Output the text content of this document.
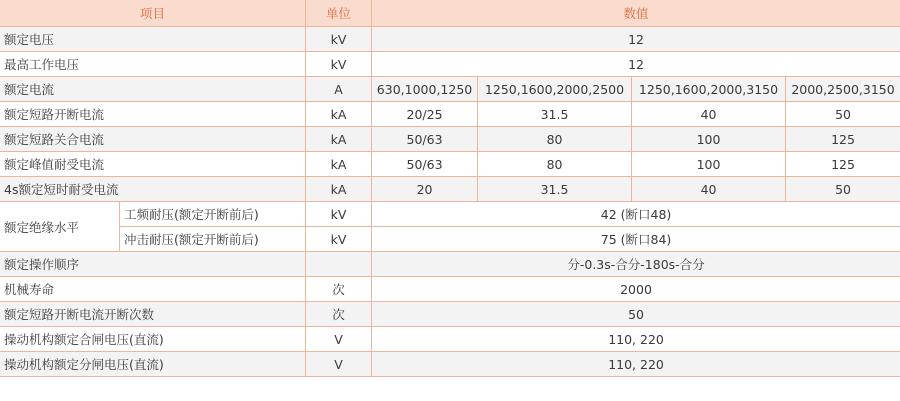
项目		单位	数值			
额定电压		kV	12			
最高工作电压		kV	12			
额定电流		A	630,1000,1250	1250,1600,2000,2500	1250,1600,2000,3150	2000,2500,3150
额定短路开断电流		kA	20/25	31.5	40	50
额定短路关合电流		kA	50/63	80	100	125
额定峰值耐受电流		kA	50/63	80	100	125
4s额定短时耐受电流		kA	20	31.5	40	50
额定绝缘水平	工频耐压(额定开断前后)	kV	42 (断口48)			
	冲击耐压(额定开断前后)	kV	75 (断口84)			
额定操作顺序			分-0.3s-合分-180s-合分			
机械寿命		次	2000			
额定短路开断电流开断次数		次	50			
操动机构额定合闸电压(直流)		V	110, 220			
操动机构额定分闸电压(直流)		V	110, 220			
